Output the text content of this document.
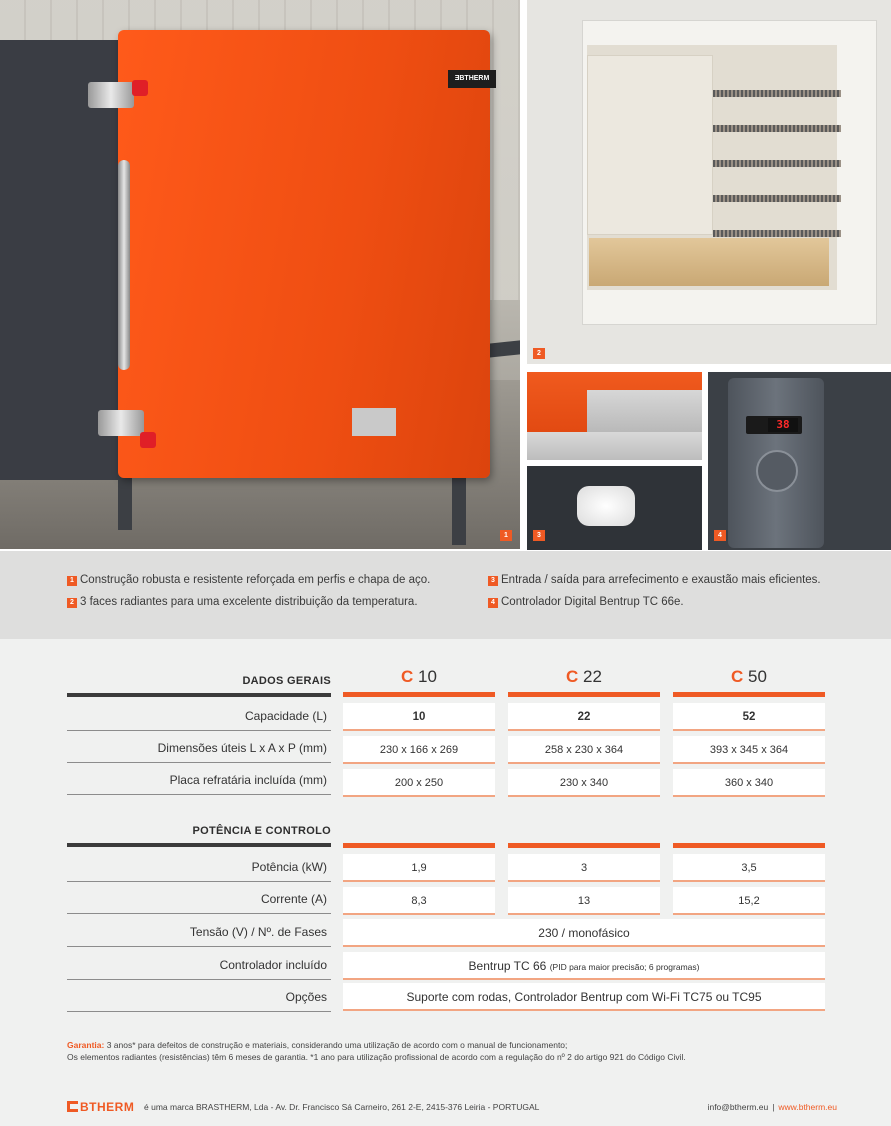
ƎBTHERM
1
2
3
38
4
1 Construção robusta e resistente reforçada em perfis e chapa de aço.
2 3 faces radiantes para uma excelente distribuição da temperatura.
3 Entrada / saída para arrefecimento e exaustão mais eficientes.
4 Controlador Digital Bentrup TC 66e.
DADOS GERAIS	C 10	C 22	C 50
Capacidade (L)	10	22	52
Dimensões úteis L x A x P (mm)	230 x 166 x 269	258 x 230 x 364	393 x 345 x 364
Placa refratária incluída (mm)	200 x 250	230 x 340	360 x 340
POTÊNCIA E CONTROLO
Potência (kW)	1,9	3	3,5
Corrente (A)	8,3	13	15,2
Tensão (V) / Nº. de Fases	230 / monofásico
Controlador incluído	Bentrup TC 66 (PID para maior precisão; 6 programas)
Opções	Suporte com rodas, Controlador Bentrup com Wi-Fi TC75 ou TC95
Garantia: 3 anos* para defeitos de construção e materiais, considerando uma utilização de acordo com o manual de funcionamento;
Os elementos radiantes (resistências) têm 6 meses de garantia. *1 ano para utilização profissional de acordo com a regulação do nº 2 do artigo 921 do Código Civil.
BTHERM é uma marca BRASTHERM, Lda - Av. Dr. Francisco Sá Carneiro, 261 2-E, 2415-376 Leiria - PORTUGAL	info@btherm.eu | www.btherm.eu
